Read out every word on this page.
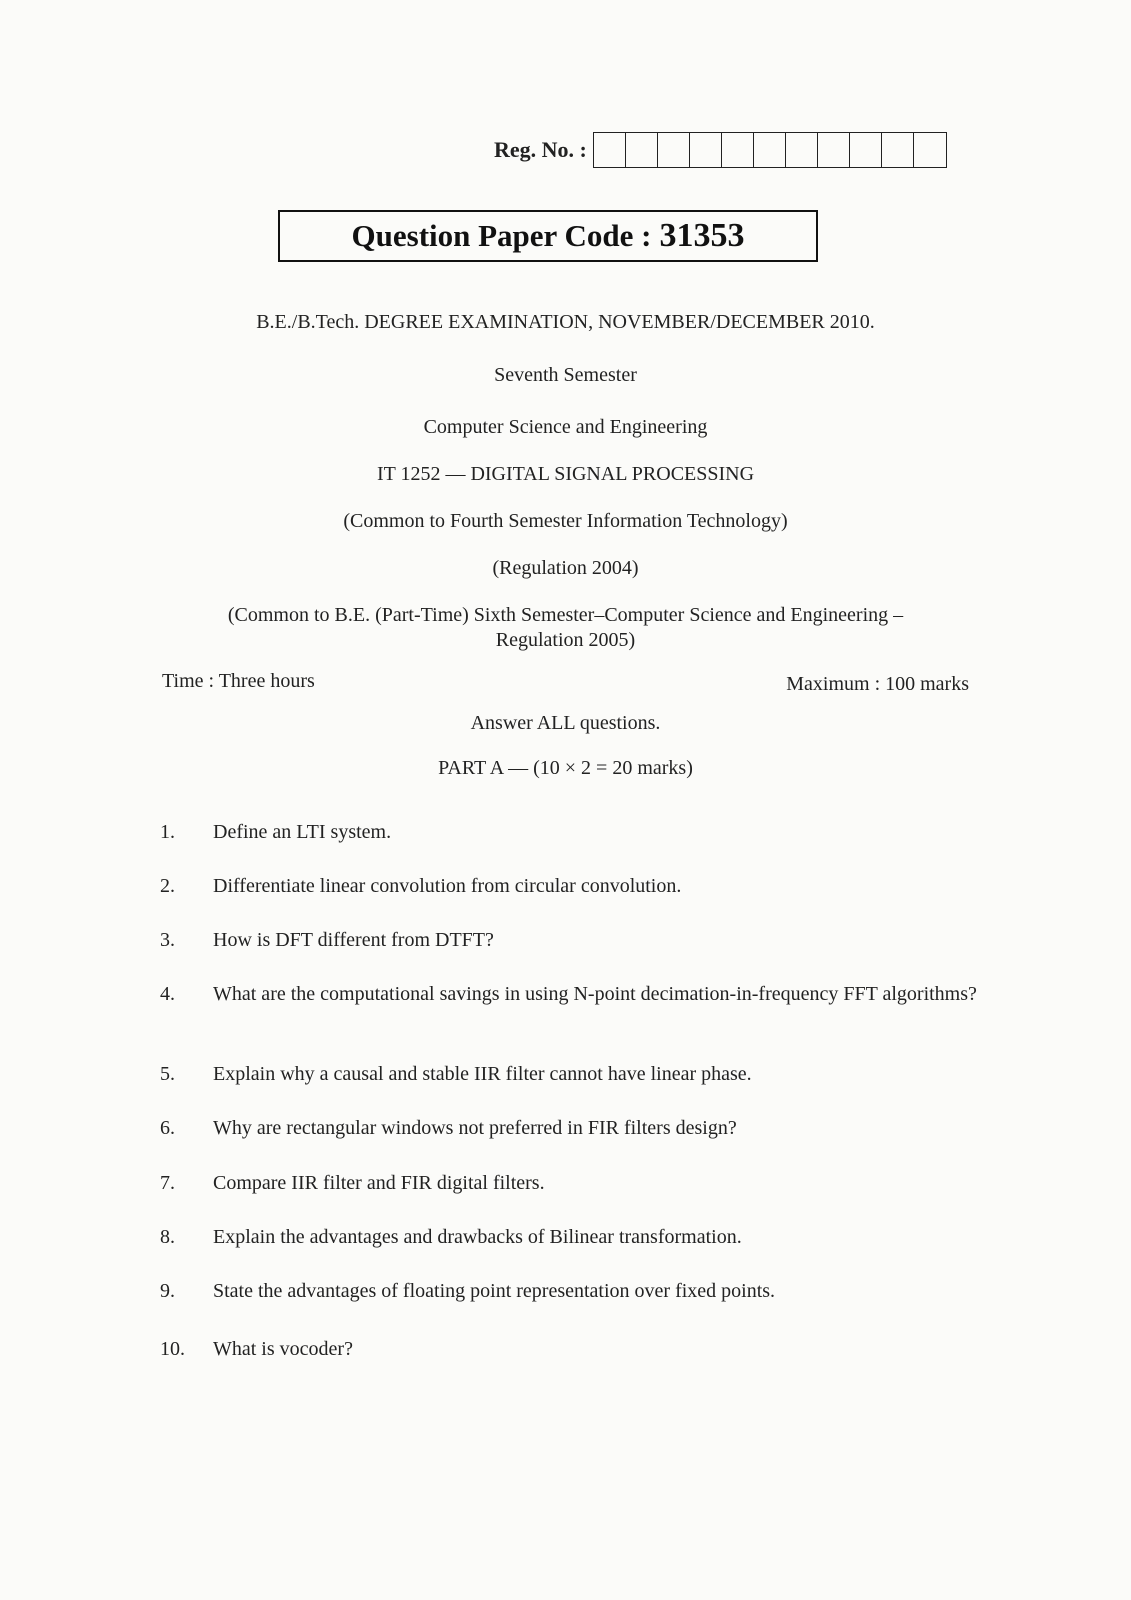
Reg. No. :
Question Paper Code : 31353
B.E./B.Tech. DEGREE EXAMINATION, NOVEMBER/DECEMBER 2010.
Seventh Semester
Computer Science and Engineering
IT 1252 — DIGITAL SIGNAL PROCESSING
(Common to Fourth Semester Information Technology)
(Regulation 2004)
(Common to B.E. (Part-Time) Sixth Semester–Computer Science and Engineering –
Regulation 2005)
Time : Three hours	Maximum : 100 marks
Answer ALL questions.
PART A — (10 × 2 = 20 marks)
1.	Define an LTI system.
2.	Differentiate linear convolution from circular convolution.
3.	How is DFT different from DTFT?
4.	What are the computational savings in using N-point decimation-in-frequency FFT algorithms?
5.	Explain why a causal and stable IIR filter cannot have linear phase.
6.	Why are rectangular windows not preferred in FIR filters design?
7.	Compare IIR filter and FIR digital filters.
8.	Explain the advantages and drawbacks of Bilinear transformation.
9.	State the advantages of floating point representation over fixed points.
10.	What is vocoder?
